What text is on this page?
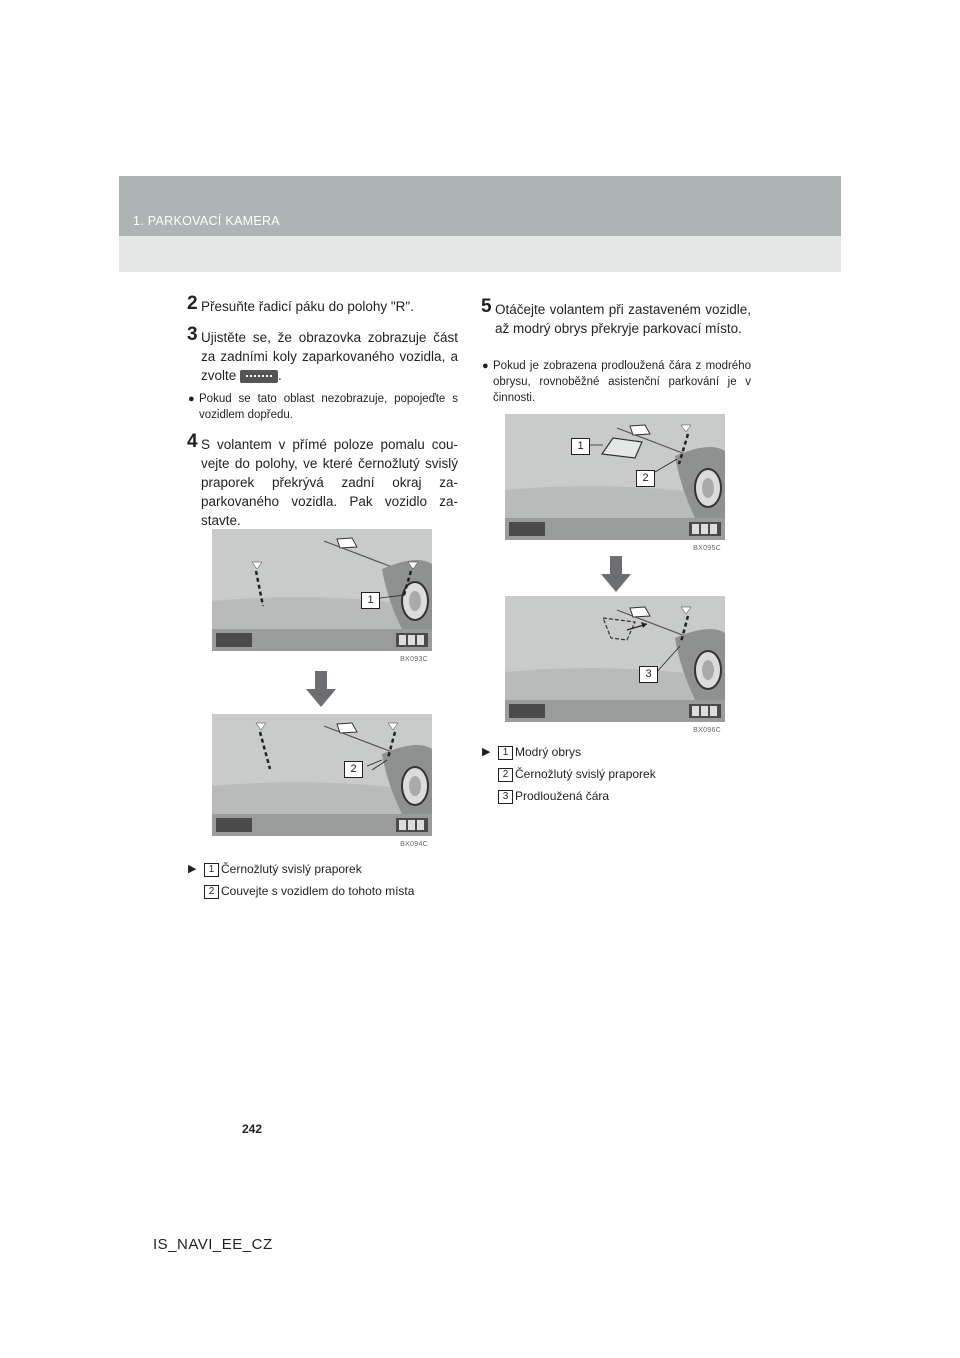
1. PARKOVACÍ KAMERA
2 Přesuňte řadicí páku do polohy "R".
3 Ujistěte se, že obrazovka zobrazuje část za zadními koly zaparkovaného vozidla, a zvolte	.
● Pokud se tato oblast nezobrazuje, popojeďte s vozidlem dopředu.
4 S volantem v přímé poloze pomalu couvejte do polohy, ve které černožlutý svislý praporek překrývá zadní okraj zaparkovaného vozidla. Pak vozidlo zastavte.
1
BX093C
2
BX094C
▶	1 Černožlutý svislý praporek
2 Couvejte s vozidlem do tohoto místa
5 Otáčejte volantem při zastaveném vozidle, až modrý obrys překryje parkovací místo.
● Pokud je zobrazena prodloužená čára z modrého obrysu, rovnoběžné asistenční parkování je v činnosti.
1
2
BX095C
3
BX096C
▶	1 Modrý obrys
2 Černožlutý svislý praporek
3 Prodloužená čára
242
IS_NAVI_EE_CZ
